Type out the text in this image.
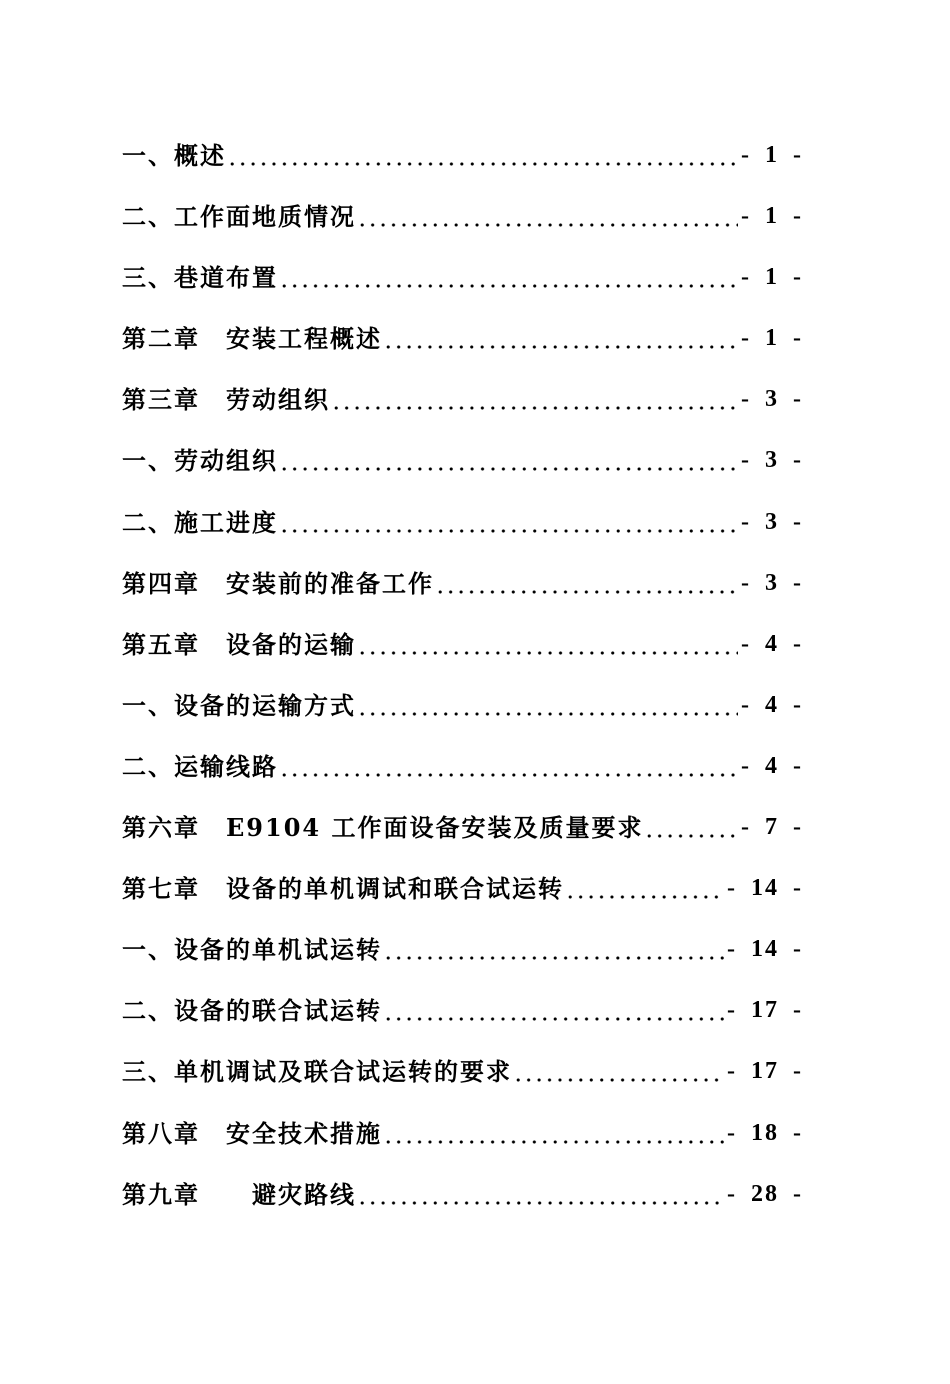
一、概述	- 1 -
二、工作面地质情况	- 1 -
三、巷道布置	- 1 -
第二章　安装工程概述	- 1 -
第三章　劳动组织	- 3 -
一、劳动组织	- 3 -
二、施工进度	- 3 -
第四章　安装前的准备工作	- 3 -
第五章　设备的运输	- 4 -
一、设备的运输方式	- 4 -
二、运输线路	- 4 -
第六章　E9104 工作面设备安装及质量要求	- 7 -
第七章　设备的单机调试和联合试运转	- 14 -
一、设备的单机试运转	- 14 -
二、设备的联合试运转	- 17 -
三、单机调试及联合试运转的要求	- 17 -
第八章　安全技术措施	- 18 -
第九章　　避灾路线	- 28 -
